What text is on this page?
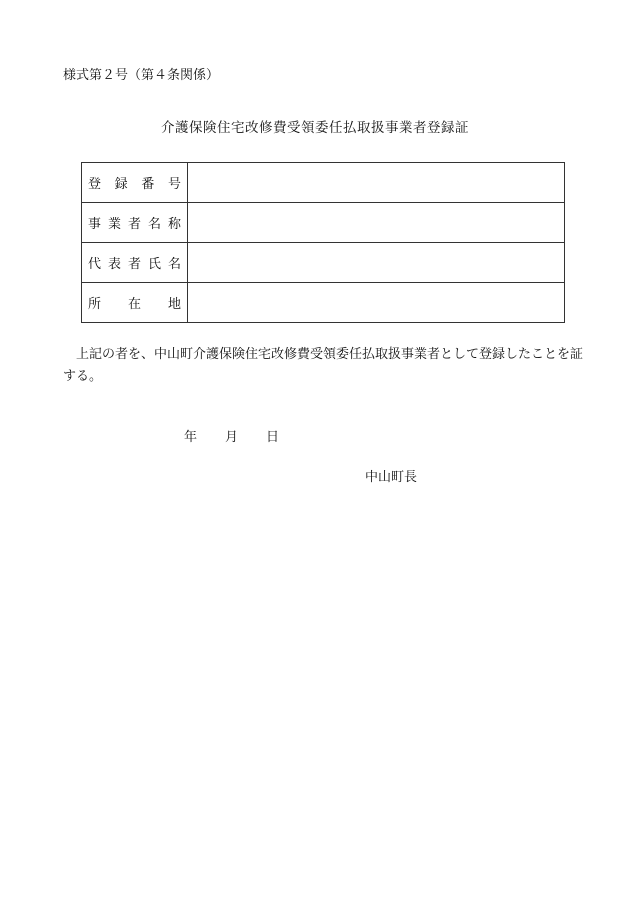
様式第２号（第４条関係）
介護保険住宅改修費受領委任払取扱事業者登録証
登 録 番 号	

事 業 者 名 称	

代 表 者 氏 名	

所 在 地	

上記の者を、中山町介護保険住宅改修費受領委任払取扱事業者として登録したことを証する。
年 月 日
中山町長
